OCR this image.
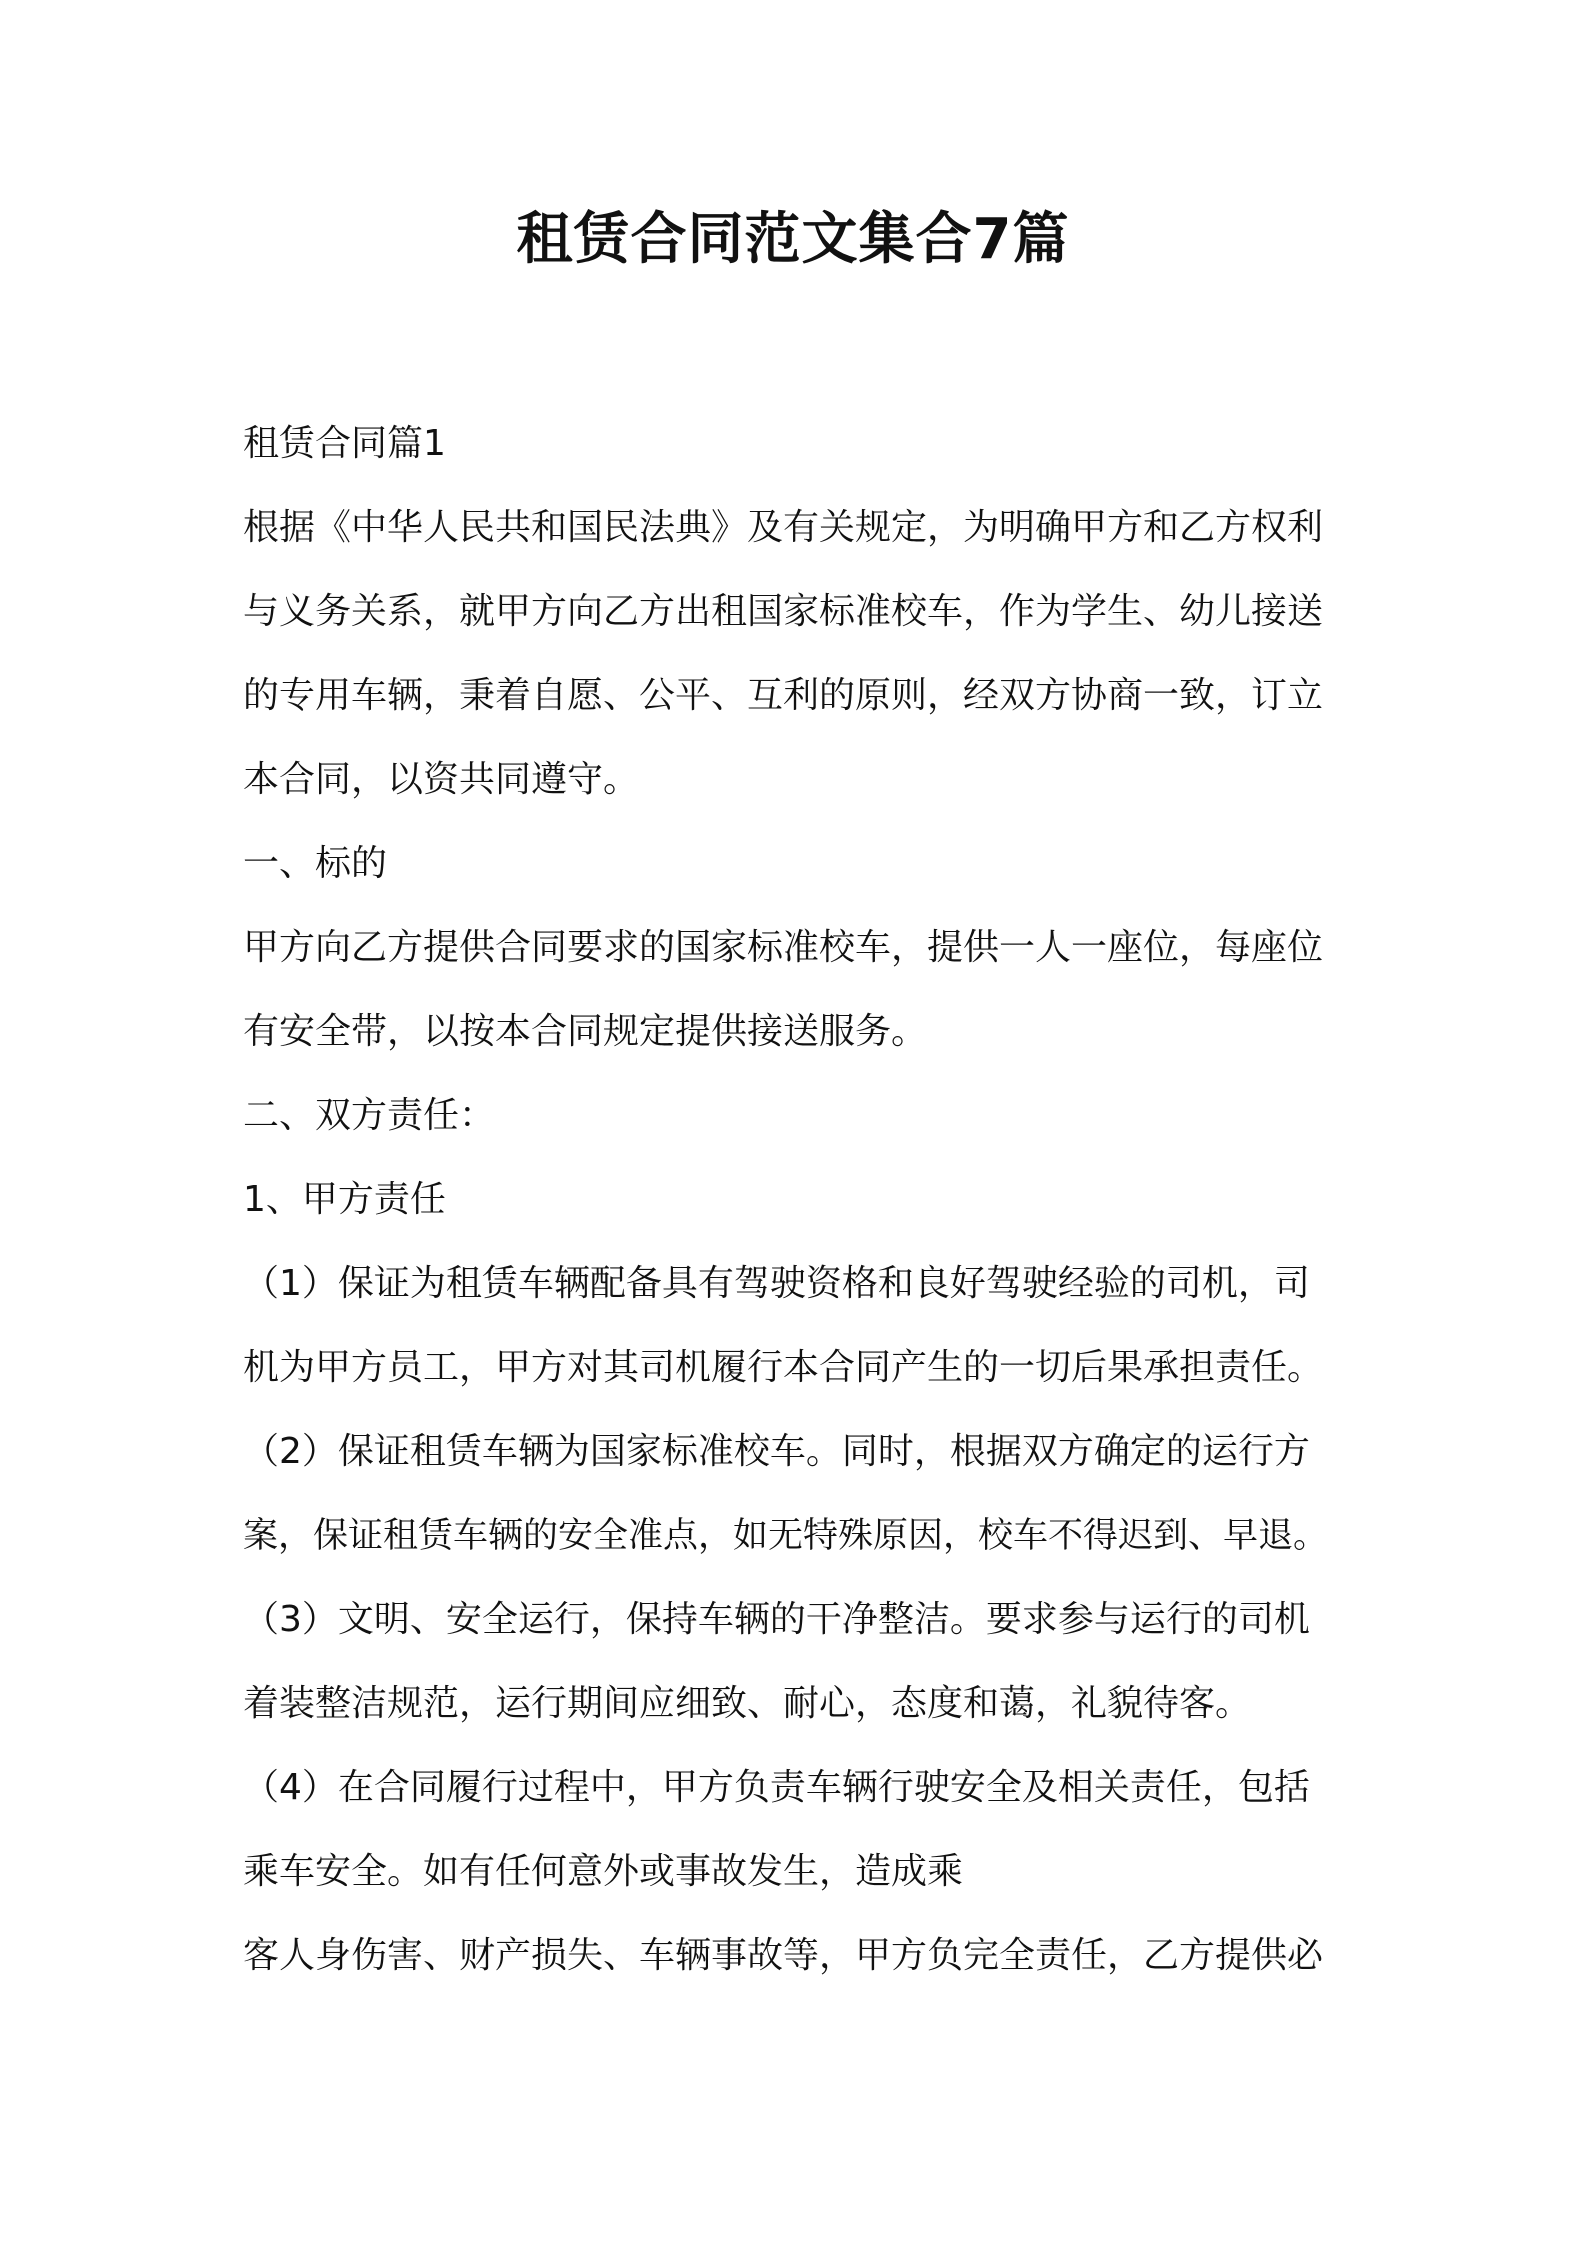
租赁合同范文集合7篇
租赁合同篇1
根据《中华人民共和国民法典》及有关规定，为明确甲方和乙方权利
与义务关系，就甲方向乙方出租国家标准校车，作为学生、幼儿接送
的专用车辆，秉着自愿、公平、互利的原则，经双方协商一致，订立
本合同，以资共同遵守。
一、标的
甲方向乙方提供合同要求的国家标准校车，提供一人一座位，每座位
有安全带，以按本合同规定提供接送服务。
二、双方责任：
1、甲方责任
（1）保证为租赁车辆配备具有驾驶资格和良好驾驶经验的司机，司
机为甲方员工，甲方对其司机履行本合同产生的一切后果承担责任。
（2）保证租赁车辆为国家标准校车。同时，根据双方确定的运行方
案，保证租赁车辆的安全准点，如无特殊原因，校车不得迟到、早退。
（3）文明、安全运行，保持车辆的干净整洁。要求参与运行的司机
着装整洁规范，运行期间应细致、耐心，态度和蔼，礼貌待客。
（4）在合同履行过程中，甲方负责车辆行驶安全及相关责任，包括
乘车安全。如有任何意外或事故发生，造成乘
客人身伤害、财产损失、车辆事故等，甲方负完全责任，乙方提供必
